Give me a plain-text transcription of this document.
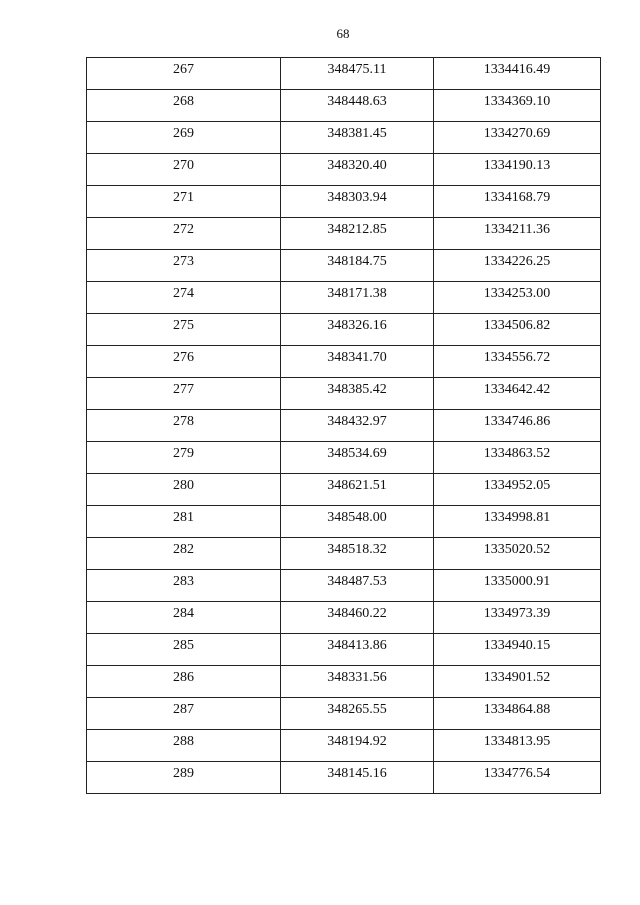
68
267	348475.11	1334416.49

268	348448.63	1334369.10

269	348381.45	1334270.69

270	348320.40	1334190.13

271	348303.94	1334168.79

272	348212.85	1334211.36

273	348184.75	1334226.25

274	348171.38	1334253.00

275	348326.16	1334506.82

276	348341.70	1334556.72

277	348385.42	1334642.42

278	348432.97	1334746.86

279	348534.69	1334863.52

280	348621.51	1334952.05

281	348548.00	1334998.81

282	348518.32	1335020.52

283	348487.53	1335000.91

284	348460.22	1334973.39

285	348413.86	1334940.15

286	348331.56	1334901.52

287	348265.55	1334864.88

288	348194.92	1334813.95

289	348145.16	1334776.54
